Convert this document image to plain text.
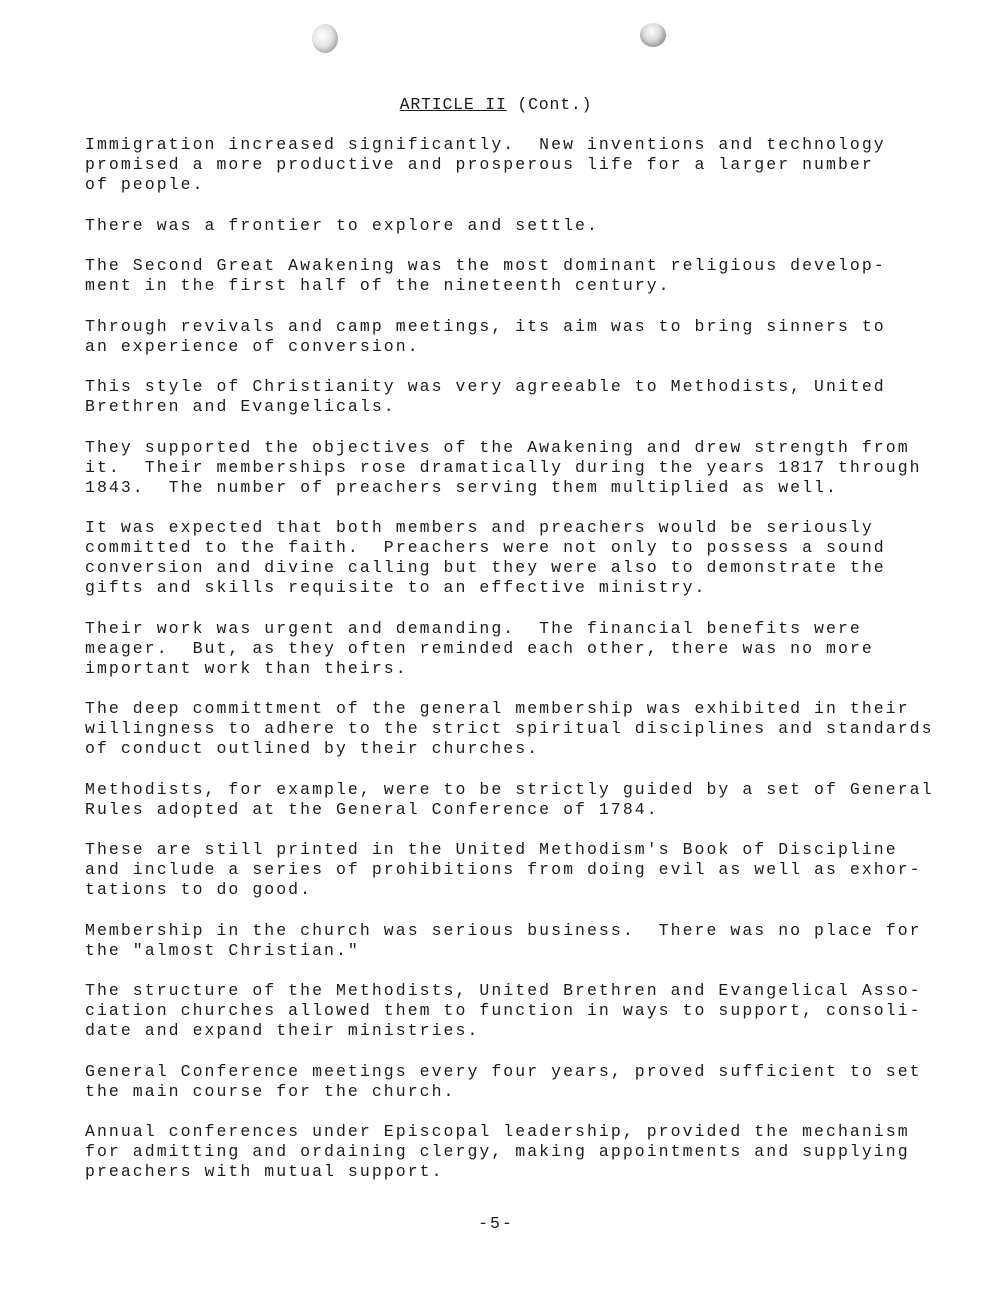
ARTICLE II (Cont.)

Immigration increased significantly.  New inventions and technology
promised a more productive and prosperous life for a larger number
of people.

There was a frontier to explore and settle.

The Second Great Awakening was the most dominant religious develop-
ment in the first half of the nineteenth century.

Through revivals and camp meetings, its aim was to bring sinners to
an experience of conversion.

This style of Christianity was very agreeable to Methodists, United
Brethren and Evangelicals.

They supported the objectives of the Awakening and drew strength from
it.  Their memberships rose dramatically during the years 1817 through
1843.  The number of preachers serving them multiplied as well.

It was expected that both members and preachers would be seriously
committed to the faith.  Preachers were not only to possess a sound
conversion and divine calling but they were also to demonstrate the
gifts and skills requisite to an effective ministry.

Their work was urgent and demanding.  The financial benefits were
meager.  But, as they often reminded each other, there was no more
important work than theirs.

The deep committment of the general membership was exhibited in their
willingness to adhere to the strict spiritual disciplines and standards
of conduct outlined by their churches.

Methodists, for example, were to be strictly guided by a set of General
Rules adopted at the General Conference of 1784.

These are still printed in the United Methodism's Book of Discipline
and include a series of prohibitions from doing evil as well as exhor-
tations to do good.

Membership in the church was serious business.  There was no place for
the "almost Christian."

The structure of the Methodists, United Brethren and Evangelical Asso-
ciation churches allowed them to function in ways to support, consoli-
date and expand their ministries.

General Conference meetings every four years, proved sufficient to set
the main course for the church.

Annual conferences under Episcopal leadership, provided the mechanism
for admitting and ordaining clergy, making appointments and supplying
preachers with mutual support.

-5-
